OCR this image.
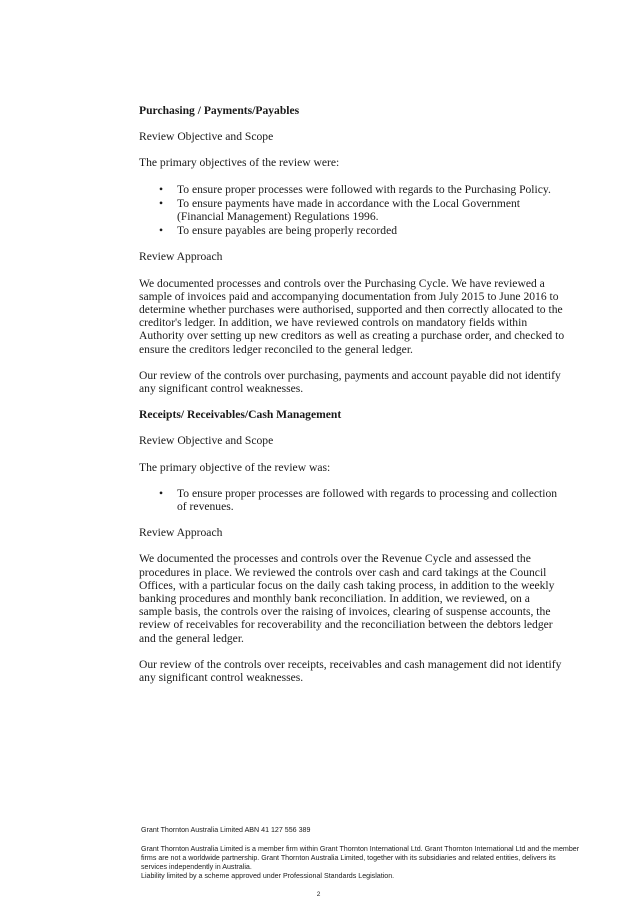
Purchasing / Payments/Payables

Review Objective and Scope

The primary objectives of the review were:

• To ensure proper processes were followed with regards to the Purchasing Policy.
• To ensure payments have made in accordance with the Local Government (Financial Management) Regulations 1996.
• To ensure payables are being properly recorded

Review Approach

We documented processes and controls over the Purchasing Cycle. We have reviewed a sample of invoices paid and accompanying documentation from July 2015 to June 2016 to determine whether purchases were authorised, supported and then correctly allocated to the creditor's ledger. In addition, we have reviewed controls on mandatory fields within Authority over setting up new creditors as well as creating a purchase order, and checked to ensure the creditors ledger reconciled to the general ledger.

Our review of the controls over purchasing, payments and account payable did not identify any significant control weaknesses.

Receipts/ Receivables/Cash Management

Review Objective and Scope

The primary objective of the review was:

• To ensure proper processes are followed with regards to processing and collection of revenues.

Review Approach

We documented the processes and controls over the Revenue Cycle and assessed the procedures in place. We reviewed the controls over cash and card takings at the Council Offices, with a particular focus on the daily cash taking process, in addition to the weekly banking procedures and monthly bank reconciliation. In addition, we reviewed, on a sample basis, the controls over the raising of invoices, clearing of suspense accounts, the review of receivables for recoverability and the reconciliation between the debtors ledger and the general ledger.

Our review of the controls over receipts, receivables and cash management did not identify any significant control weaknesses.

Grant Thornton Australia Limited ABN 41 127 556 389
Grant Thornton Australia Limited is a member firm within Grant Thornton International Ltd. Grant Thornton International Ltd and the member firms are not a worldwide partnership. Grant Thornton Australia Limited, together with its subsidiaries and related entities, delivers its services independently in Australia.
Liability limited by a scheme approved under Professional Standards Legislation.
2
